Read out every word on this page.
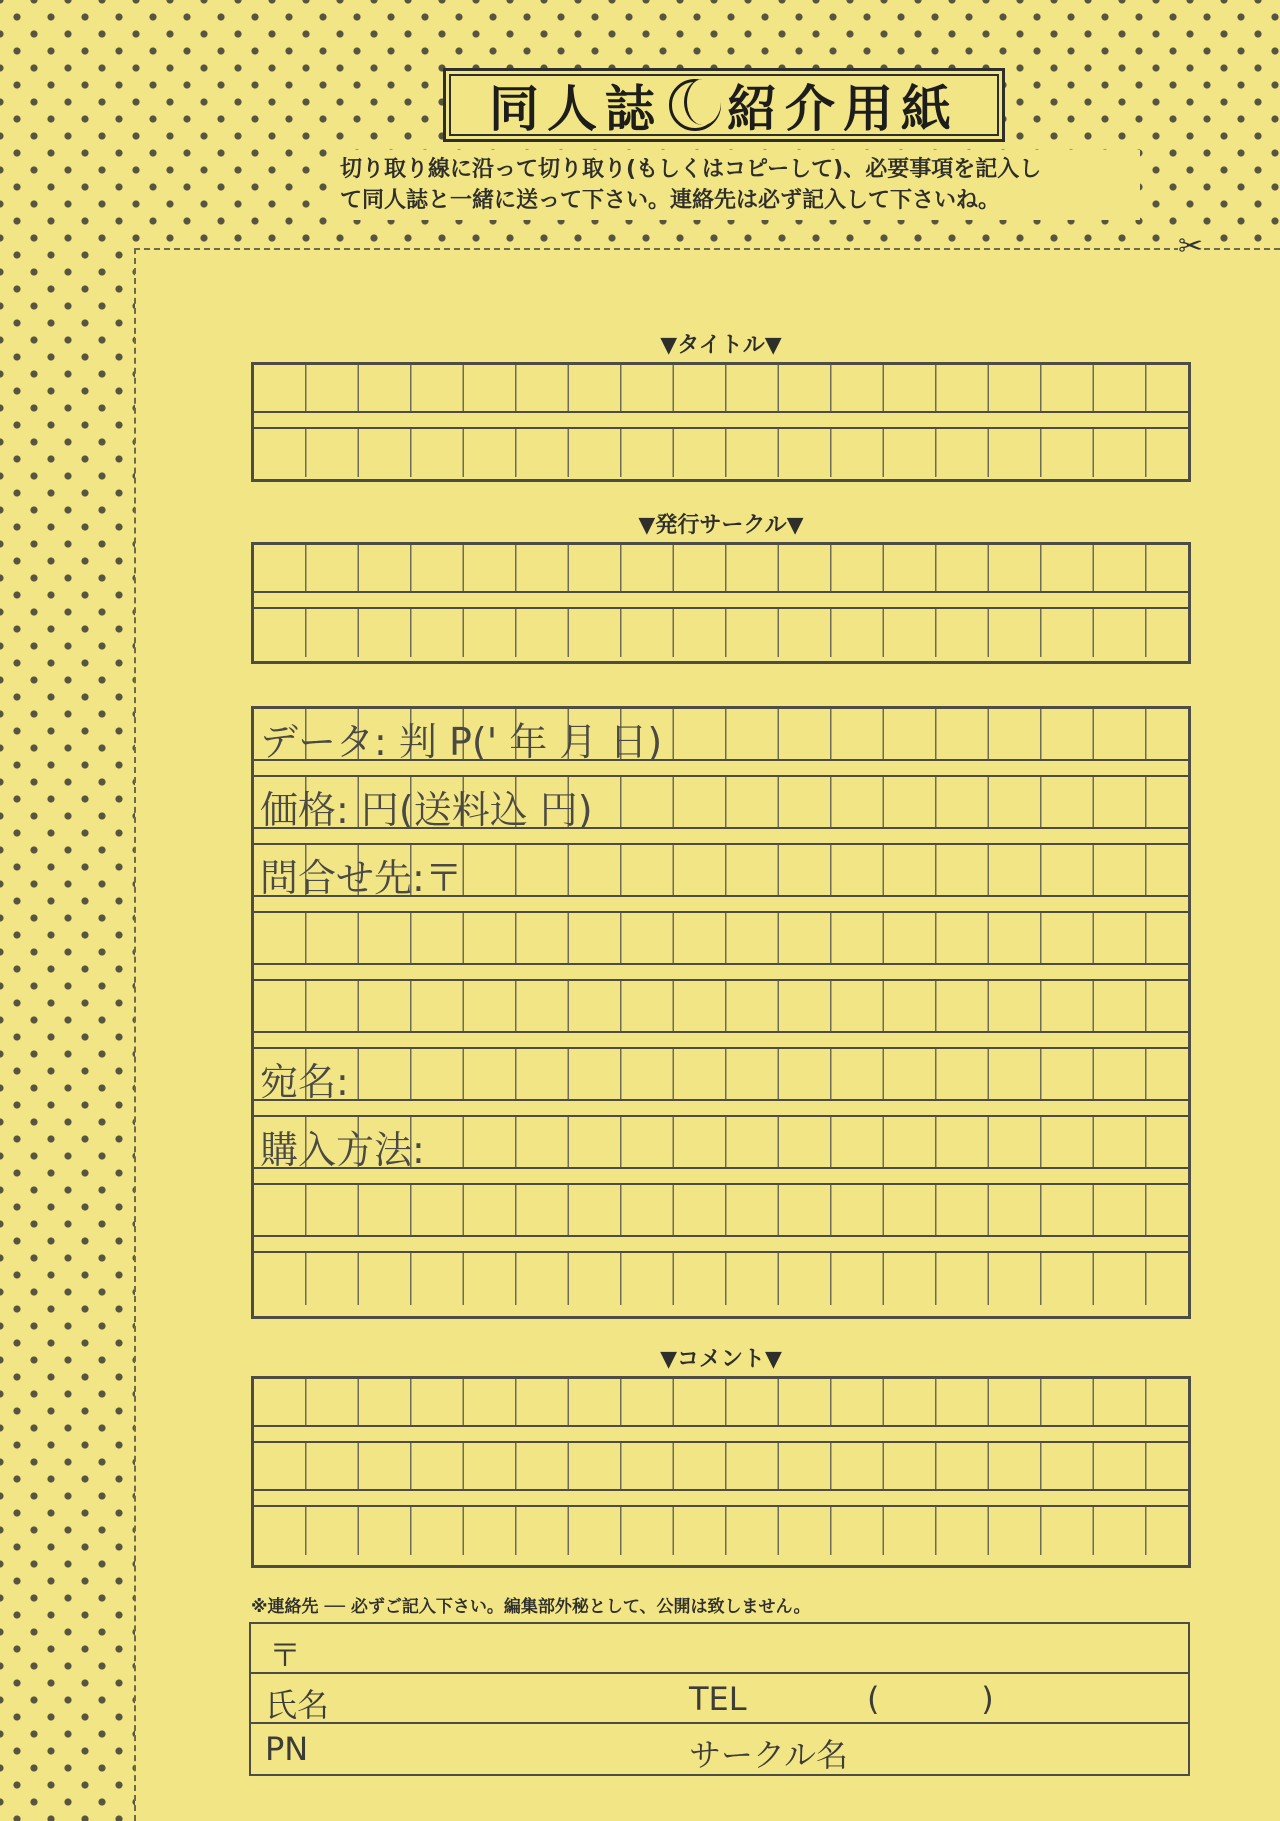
同人誌 紹介用紙
切り取り線に沿って切り取り(もしくはコピーして)、必要事項を記入し
て同人誌と一緒に送って下さい。連絡先は必ず記入して下さいね。
✂
▼タイトル▼
▼発行サークル▼
データ: 判 P(' 年 月 日)
価格: 円(送料込 円)
問合せ先:〒
宛名:
購入方法:
▼コメント▼
※連絡先 ── 必ずご記入下さい。編集部外秘として、公開は致しません。
〒
氏名	TEL	(          )
PN	サークル名
